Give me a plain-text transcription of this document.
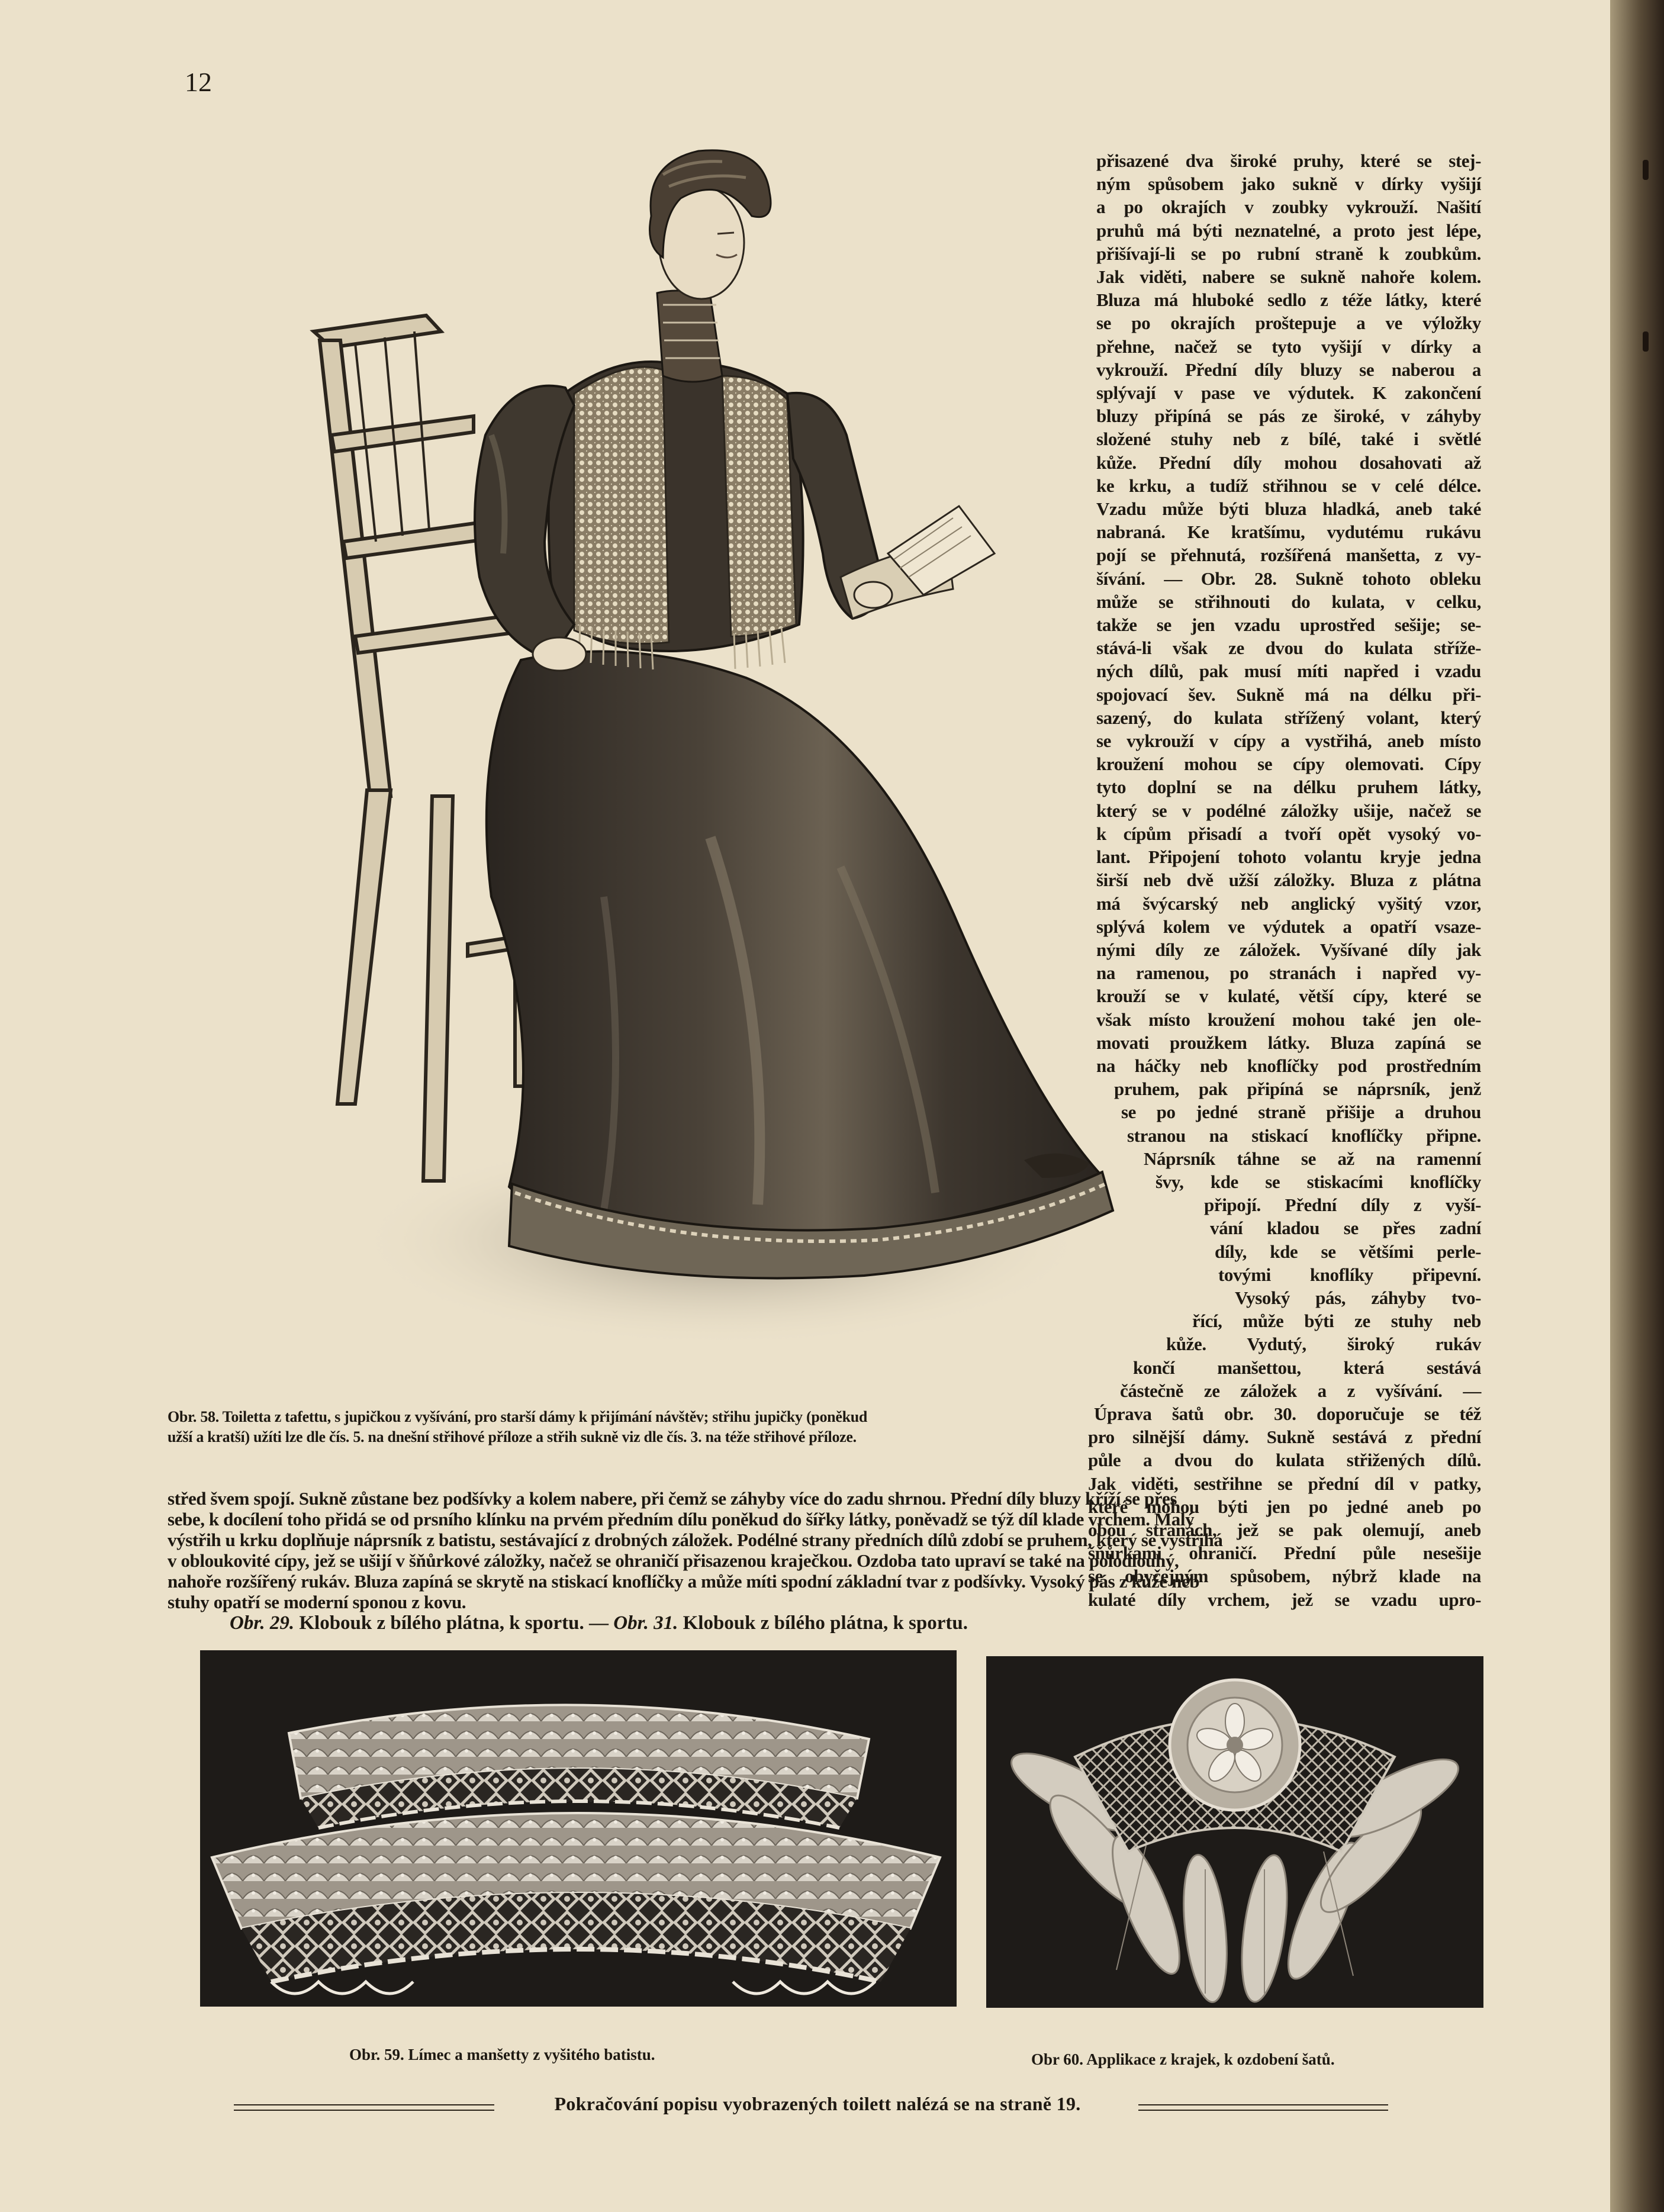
12
přisazené dva široké pruhy, které se stej-
ným spůsobem jako sukně v dírky vyšijí
a po okrajích v zoubky vykrouží. Našití
pruhů má býti neznatelné, a proto jest lépe,
přišívají-li se po rubní straně k zoubkům.
Jak viděti, nabere se sukně nahoře kolem.
Bluza má hluboké sedlo z téže látky, které
se po okrajích proštepuje a ve výložky
přehne, načež se tyto vyšijí v dírky a
vykrouží. Přední díly bluzy se naberou a
splývají v pase ve výdutek. K zakončení
bluzy připíná se pás ze široké, v záhyby
složené stuhy neb z bílé, také i světlé
kůže. Přední díly mohou dosahovati až
ke krku, a tudíž střihnou se v celé délce.
Vzadu může býti bluza hladká, aneb také
nabraná. Ke kratšímu, vydutému rukávu
pojí se přehnutá, rozšířená manšetta, z vy-
šívání. — Obr. 28. Sukně tohoto obleku
může se střihnouti do kulata, v celku,
takže se jen vzadu uprostřed sešije; se-
stává-li však ze dvou do kulata stříže-
ných dílů, pak musí míti napřed i vzadu
spojovací šev. Sukně má na délku při-
sazený, do kulata střížený volant, který
se vykrouží v cípy a vystřihá, aneb místo
kroužení mohou se cípy olemovati. Cípy
tyto doplní se na délku pruhem látky,
který se v podélné záložky ušije, načež se
k cípům přisadí a tvoří opět vysoký vo-
lant. Připojení tohoto volantu kryje jedna
širší neb dvě užší záložky. Bluza z plátna
má švýcarský neb anglický vyšitý vzor,
splývá kolem ve výdutek a opatří vsaze-
nými díly ze záložek. Vyšívané díly jak
na ramenou, po stranách i napřed vy-
krouží se v kulaté, větší cípy, které se
však místo kroužení mohou také jen ole-
movati proužkem látky. Bluza zapíná se
na háčky neb knoflíčky pod prostředním
pruhem, pak připíná se náprsník, jenž
se po jedné straně přišije a druhou
stranou na stiskací knoflíčky připne.
Náprsník táhne se až na ramenní
švy, kde se stiskacími knoflíčky
připojí. Přední díly z vyší-
vání kladou se přes zadní
díly, kde se většími perle-
tovými knoflíky připevní.
Vysoký pás, záhyby tvo-
řící, může býti ze stuhy neb
kůže. Vydutý, široký rukáv
končí manšettou, která sestává
částečně ze záložek a z vyšívání. —
Úprava šatů obr. 30. doporučuje se též
pro silnější dámy. Sukně sestává z přední
půle a dvou do kulata střižených dílů.
Jak viděti, sestřihne se přední díl v patky,
které mohou býti jen po jedné aneb po
obou stranách, jež se pak olemují, aneb
šňůrkami ohraničí. Přední půle nesešije
se obyčejným spůsobem, nýbrž klade na
kulaté díly vrchem, jež se vzadu upro-
Obr. 58. Toiletta z tafettu, s jupičkou z vyšívání, pro starší dámy k přijímání návštěv; střihu jupičky (poněkud
užší a kratší) užíti lze dle čís. 5. na dnešní střihové příloze a střih sukně viz dle čís. 3. na téže střihové příloze.
střed švem spojí. Sukně zůstane bez podšívky a kolem nabere, při čemž se záhyby více do zadu shrnou. Přední díly bluzy kříží se přes
sebe, k docílení toho přidá se od prsního klínku na prvém předním dílu poněkud do šířky látky, poněvadž se týž díl klade vrchem. Malý
výstřih u krku doplňuje náprsník z batistu, sestávající z drobných záložek. Podélné strany předních dílů zdobí se pruhem, který se vystřihá
v obloukovité cípy, jež se ušijí v šňůrkové záložky, načež se ohraničí přisazenou kraječkou. Ozdoba tato upraví se také na polodlouhý,
nahoře rozšířený rukáv. Bluza zapíná se skrytě na stiskací knoflíčky a může míti spodní základní tvar z podšívky. Vysoký pás z kůže neb
stuhy opatří se moderní sponou z kovu.
Obr. 29. Klobouk z bílého plátna, k sportu. — Obr. 31. Klobouk z bílého plátna, k sportu.
Obr. 59. Límec a manšetty z vyšitého batistu.	Obr 60. Applikace z krajek, k ozdobení šatů.
Pokračování popisu vyobrazených toilett nalézá se na straně 19.
